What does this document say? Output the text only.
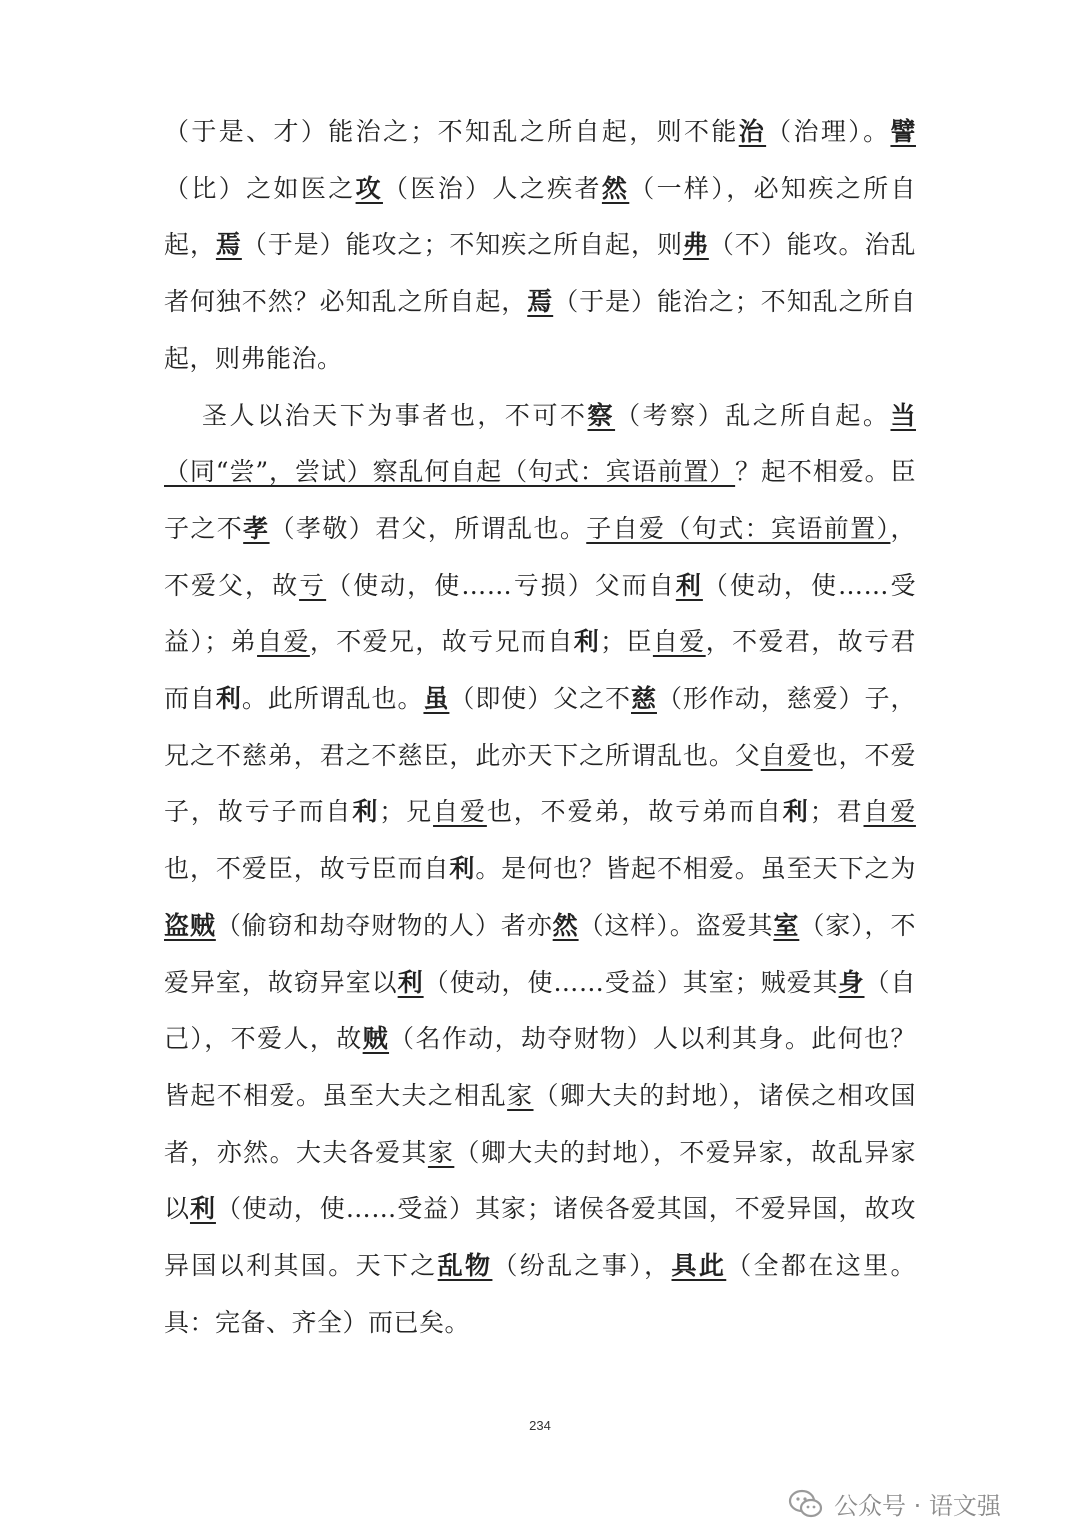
（于是、才）能治之；不知乱之所自起，则不能治（治理）。譬（比）之如医之攻（医治）人之疾者然（一样），必知疾之所自起，焉（于是）能攻之；不知疾之所自起，则弗（不）能攻。治乱者何独不然？必知乱之所自起，焉（于是）能治之；不知乱之所自起，则弗能治。

圣人以治天下为事者也，不可不察（考察）乱之所自起。当（同“尝”，尝试）察乱何自起（句式：宾语前置）？起不相爱。臣子之不孝（孝敬）君父，所谓乱也。子自爱（句式：宾语前置），不爱父，故亏（使动，使……亏损）父而自利（使动，使……受益）；弟自爱，不爱兄，故亏兄而自利；臣自爱，不爱君，故亏君而自利。此所谓乱也。虽（即使）父之不慈（形作动，慈爱）子，兄之不慈弟，君之不慈臣，此亦天下之所谓乱也。父自爱也，不爱子，故亏子而自利；兄自爱也，不爱弟，故亏弟而自利；君自爱也，不爱臣，故亏臣而自利。是何也？皆起不相爱。虽至天下之为盗贼（偷窃和劫夺财物的人）者亦然（这样）。盗爱其室（家），不爱异室，故窃异室以利（使动，使……受益）其室；贼爱其身（自己），不爱人，故贼（名作动，劫夺财物）人以利其身。此何也？皆起不相爱。虽至大夫之相乱家（卿大夫的封地），诸侯之相攻国者，亦然。大夫各爱其家（卿大夫的封地），不爱异家，故乱异家以利（使动，使……受益）其家；诸侯各爱其国，不爱异国，故攻异国以利其国。天下之乱物（纷乱之事），具此（全都在这里。具：完备、齐全）而已矣。

234
公众号 · 语文强
